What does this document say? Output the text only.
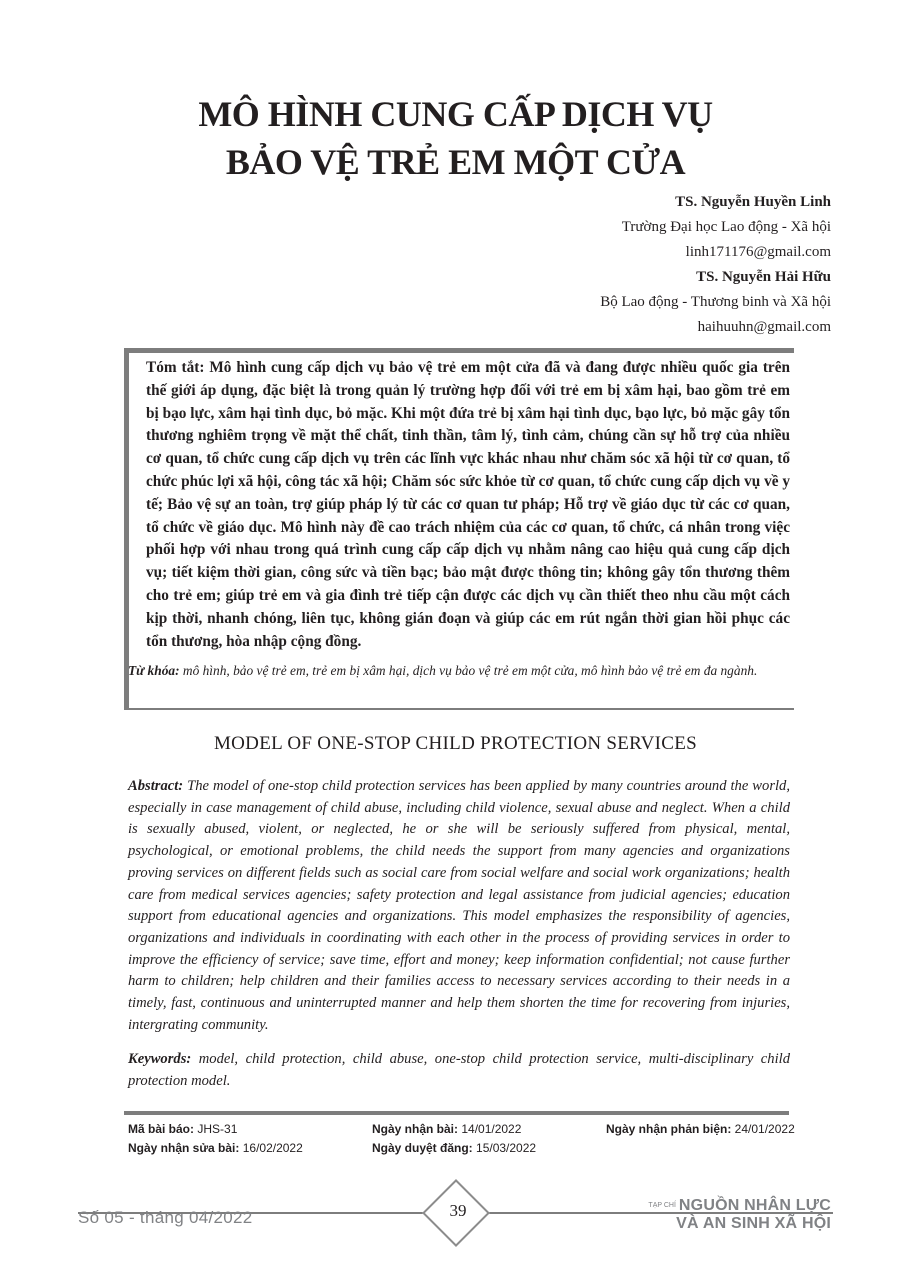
MÔ HÌNH CUNG CẤP DỊCH VỤ
BẢO VỆ TRẺ EM MỘT CỬA
TS. Nguyễn Huyền Linh
Trường Đại học Lao động - Xã hội
linh171176@gmail.com
TS. Nguyễn Hải Hữu
Bộ Lao động - Thương binh và Xã hội
haihuuhn@gmail.com

Tóm tắt: Mô hình cung cấp dịch vụ bảo vệ trẻ em một cửa đã và đang được nhiều quốc gia trên thế giới áp dụng, đặc biệt là trong quản lý trường hợp đối với trẻ em bị xâm hại, bao gồm trẻ em bị bạo lực, xâm hại tình dục, bỏ mặc. Khi một đứa trẻ bị xâm hại tình dục, bạo lực, bỏ mặc gây tổn thương nghiêm trọng về mặt thể chất, tinh thần, tâm lý, tình cảm, chúng cần sự hỗ trợ của nhiều cơ quan, tổ chức cung cấp dịch vụ trên các lĩnh vực khác nhau như chăm sóc xã hội từ cơ quan, tổ chức phúc lợi xã hội, công tác xã hội; Chăm sóc sức khỏe từ cơ quan, tổ chức cung cấp dịch vụ về y tế; Bảo vệ sự an toàn, trợ giúp pháp lý từ các cơ quan tư pháp; Hỗ trợ về giáo dục từ các cơ quan, tổ chức về giáo dục. Mô hình này đề cao trách nhiệm của các cơ quan, tổ chức, cá nhân trong việc phối hợp với nhau trong quá trình cung cấp cấp dịch vụ nhằm nâng cao hiệu quả cung cấp dịch vụ; tiết kiệm thời gian, công sức và tiền bạc; bảo mật được thông tin; không gây tổn thương thêm cho trẻ em; giúp trẻ em và gia đình trẻ tiếp cận được các dịch vụ cần thiết theo nhu cầu một cách kịp thời, nhanh chóng, liên tục, không gián đoạn và giúp các em rút ngắn thời gian hồi phục các tổn thương, hòa nhập cộng đồng.

Từ khóa: mô hình, bảo vệ trẻ em, trẻ em bị xâm hại, dịch vụ bảo vệ trẻ em một cửa, mô hình bảo vệ trẻ em đa ngành.

MODEL OF ONE-STOP CHILD PROTECTION SERVICES

Abstract: The model of one-stop child protection services has been applied by many countries around the world, especially in case management of child abuse, including child violence, sexual abuse and neglect. When a child is sexually abused, violent, or neglected, he or she will be seriously suffered from physical, mental, psychological, or emotional problems, the child needs the support from many agencies and organizations proving services on different fields such as social care from social welfare and social work organizations; health care from medical services agencies; safety protection and legal assistance from judicial agencies; education support from educational agencies and organizations. This model emphasizes the responsibility of agencies, organizations and individuals in coordinating with each other in the process of providing services in order to improve the efficiency of service; save time, effort and money; keep information confidential; not cause further harm to children; help children and their families access to necessary services according to their needs in a timely, fast, continuous and uninterrupted manner and help them shorten the time for recovering from injuries, intergrating community.

Keywords: model, child protection, child abuse, one-stop child protection service, multi-disciplinary child protection model.

Mã bài báo: JHS-31	Ngày nhận bài: 14/01/2022	Ngày nhận phản biện: 24/01/2022
Ngày nhận sửa bài: 16/02/2022	Ngày duyệt đăng: 15/03/2022
39
Số 05 - tháng 04/2022
$^{TẠP CHÍ}$ NGUỒN NHÂN LỰC
VÀ AN SINH XÃ HỘI
